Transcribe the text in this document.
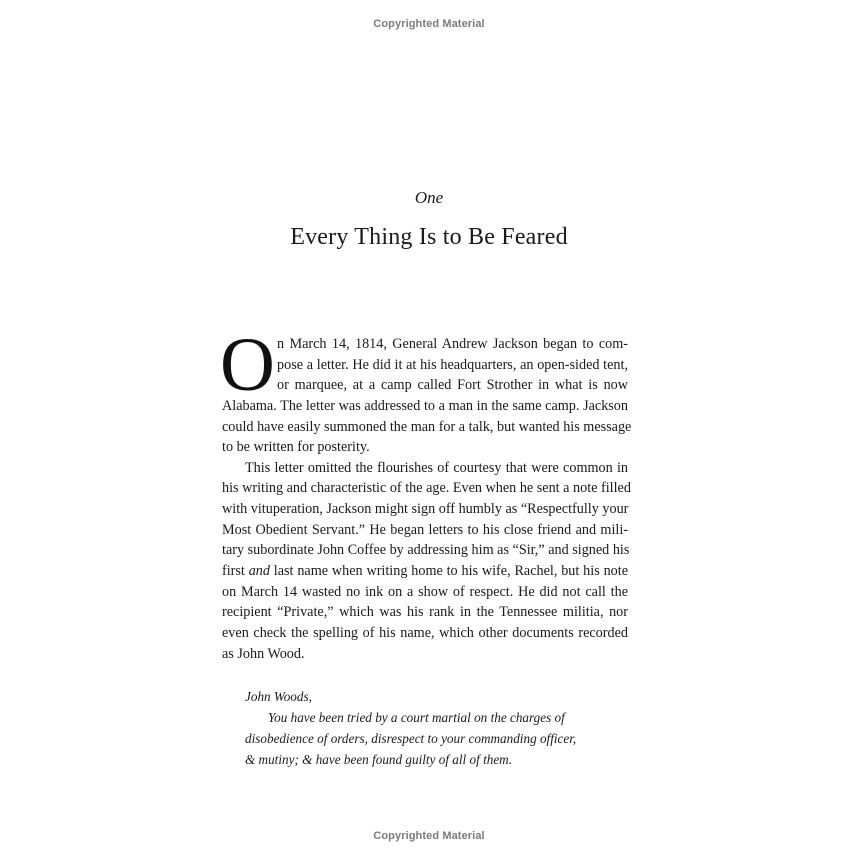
Copyrighted Material
One
Every Thing Is to Be Feared
O n March 14, 1814, General Andrew Jackson began to com-
pose a letter. He did it at his headquarters, an open-sided tent,
or marquee, at a camp called Fort Strother in what is now
Alabama. The letter was addressed to a man in the same camp. Jackson
could have easily summoned the man for a talk, but wanted his message
to be written for posterity.
This letter omitted the flourishes of courtesy that were common in
his writing and characteristic of the age. Even when he sent a note filled
with vituperation, Jackson might sign off humbly as “Respectfully your
Most Obedient Servant.” He began letters to his close friend and mili-
tary subordinate John Coffee by addressing him as “Sir,” and signed his
first and last name when writing home to his wife, Rachel, but his note
on March 14 wasted no ink on a show of respect. He did not call the
recipient “Private,” which was his rank in the Tennessee militia, nor
even check the spelling of his name, which other documents recorded
as John Wood.
John Woods,
You have been tried by a court martial on the charges of
disobedience of orders, disrespect to your commanding officer,
& mutiny; & have been found guilty of all of them.
Copyrighted Material
